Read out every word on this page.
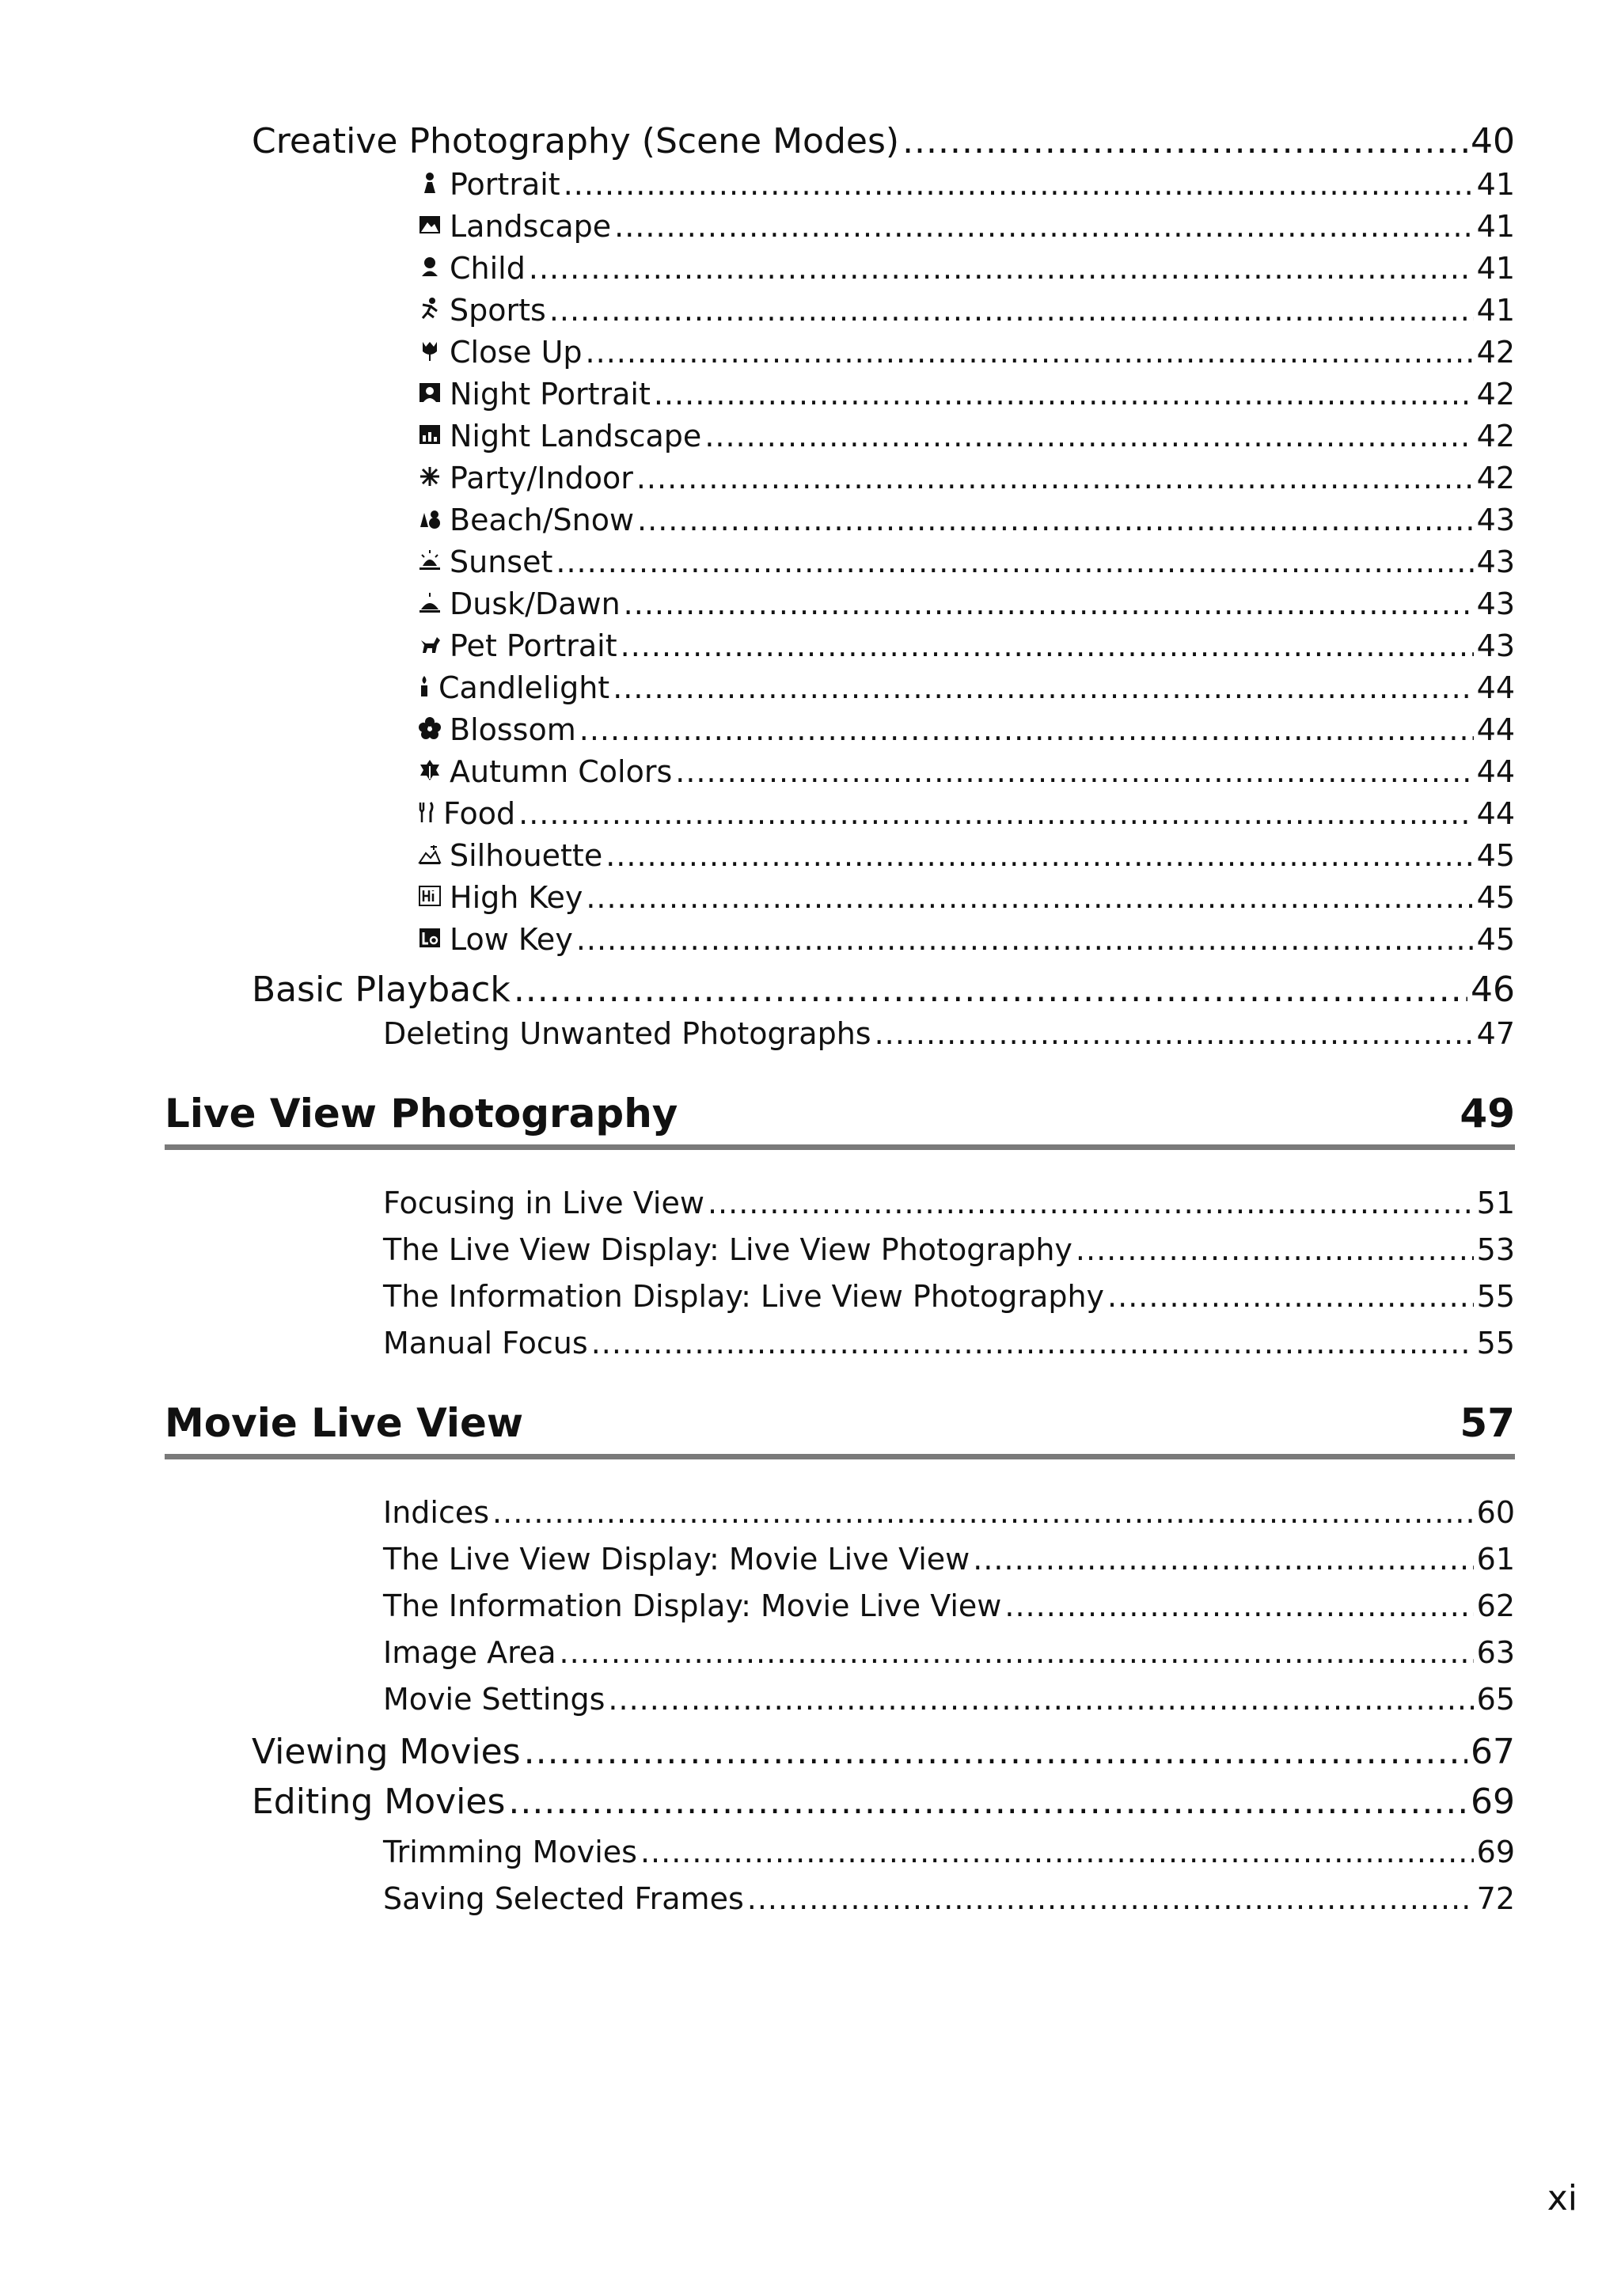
Creative Photography (Scene Modes) .....	40
Portrait .....	41
Landscape .....	41
Child .....	41
Sports .....	41
Close Up .....	42
Night Portrait .....	42
Night Landscape .....	42
Party/Indoor .....	42
Beach/Snow .....	43
Sunset .....	43
Dusk/Dawn .....	43
Pet Portrait .....	43
Candlelight .....	44
Blossom .....	44
Autumn Colors .....	44
Food .....	44
Silhouette .....	45
High Key .....	45
Low Key .....	45
Basic Playback .....	46
Deleting Unwanted Photographs .....	47
Live View Photography	49
Focusing in Live View .....	51
The Live View Display: Live View Photography .....	53
The Information Display: Live View Photography .....	55
Manual Focus .....	55
Movie Live View	57
Indices .....	60
The Live View Display: Movie Live View .....	61
The Information Display: Movie Live View .....	62
Image Area .....	63
Movie Settings .....	65
Viewing Movies .....	67
Editing Movies .....	69
Trimming Movies .....	69
Saving Selected Frames .....	72
xi
